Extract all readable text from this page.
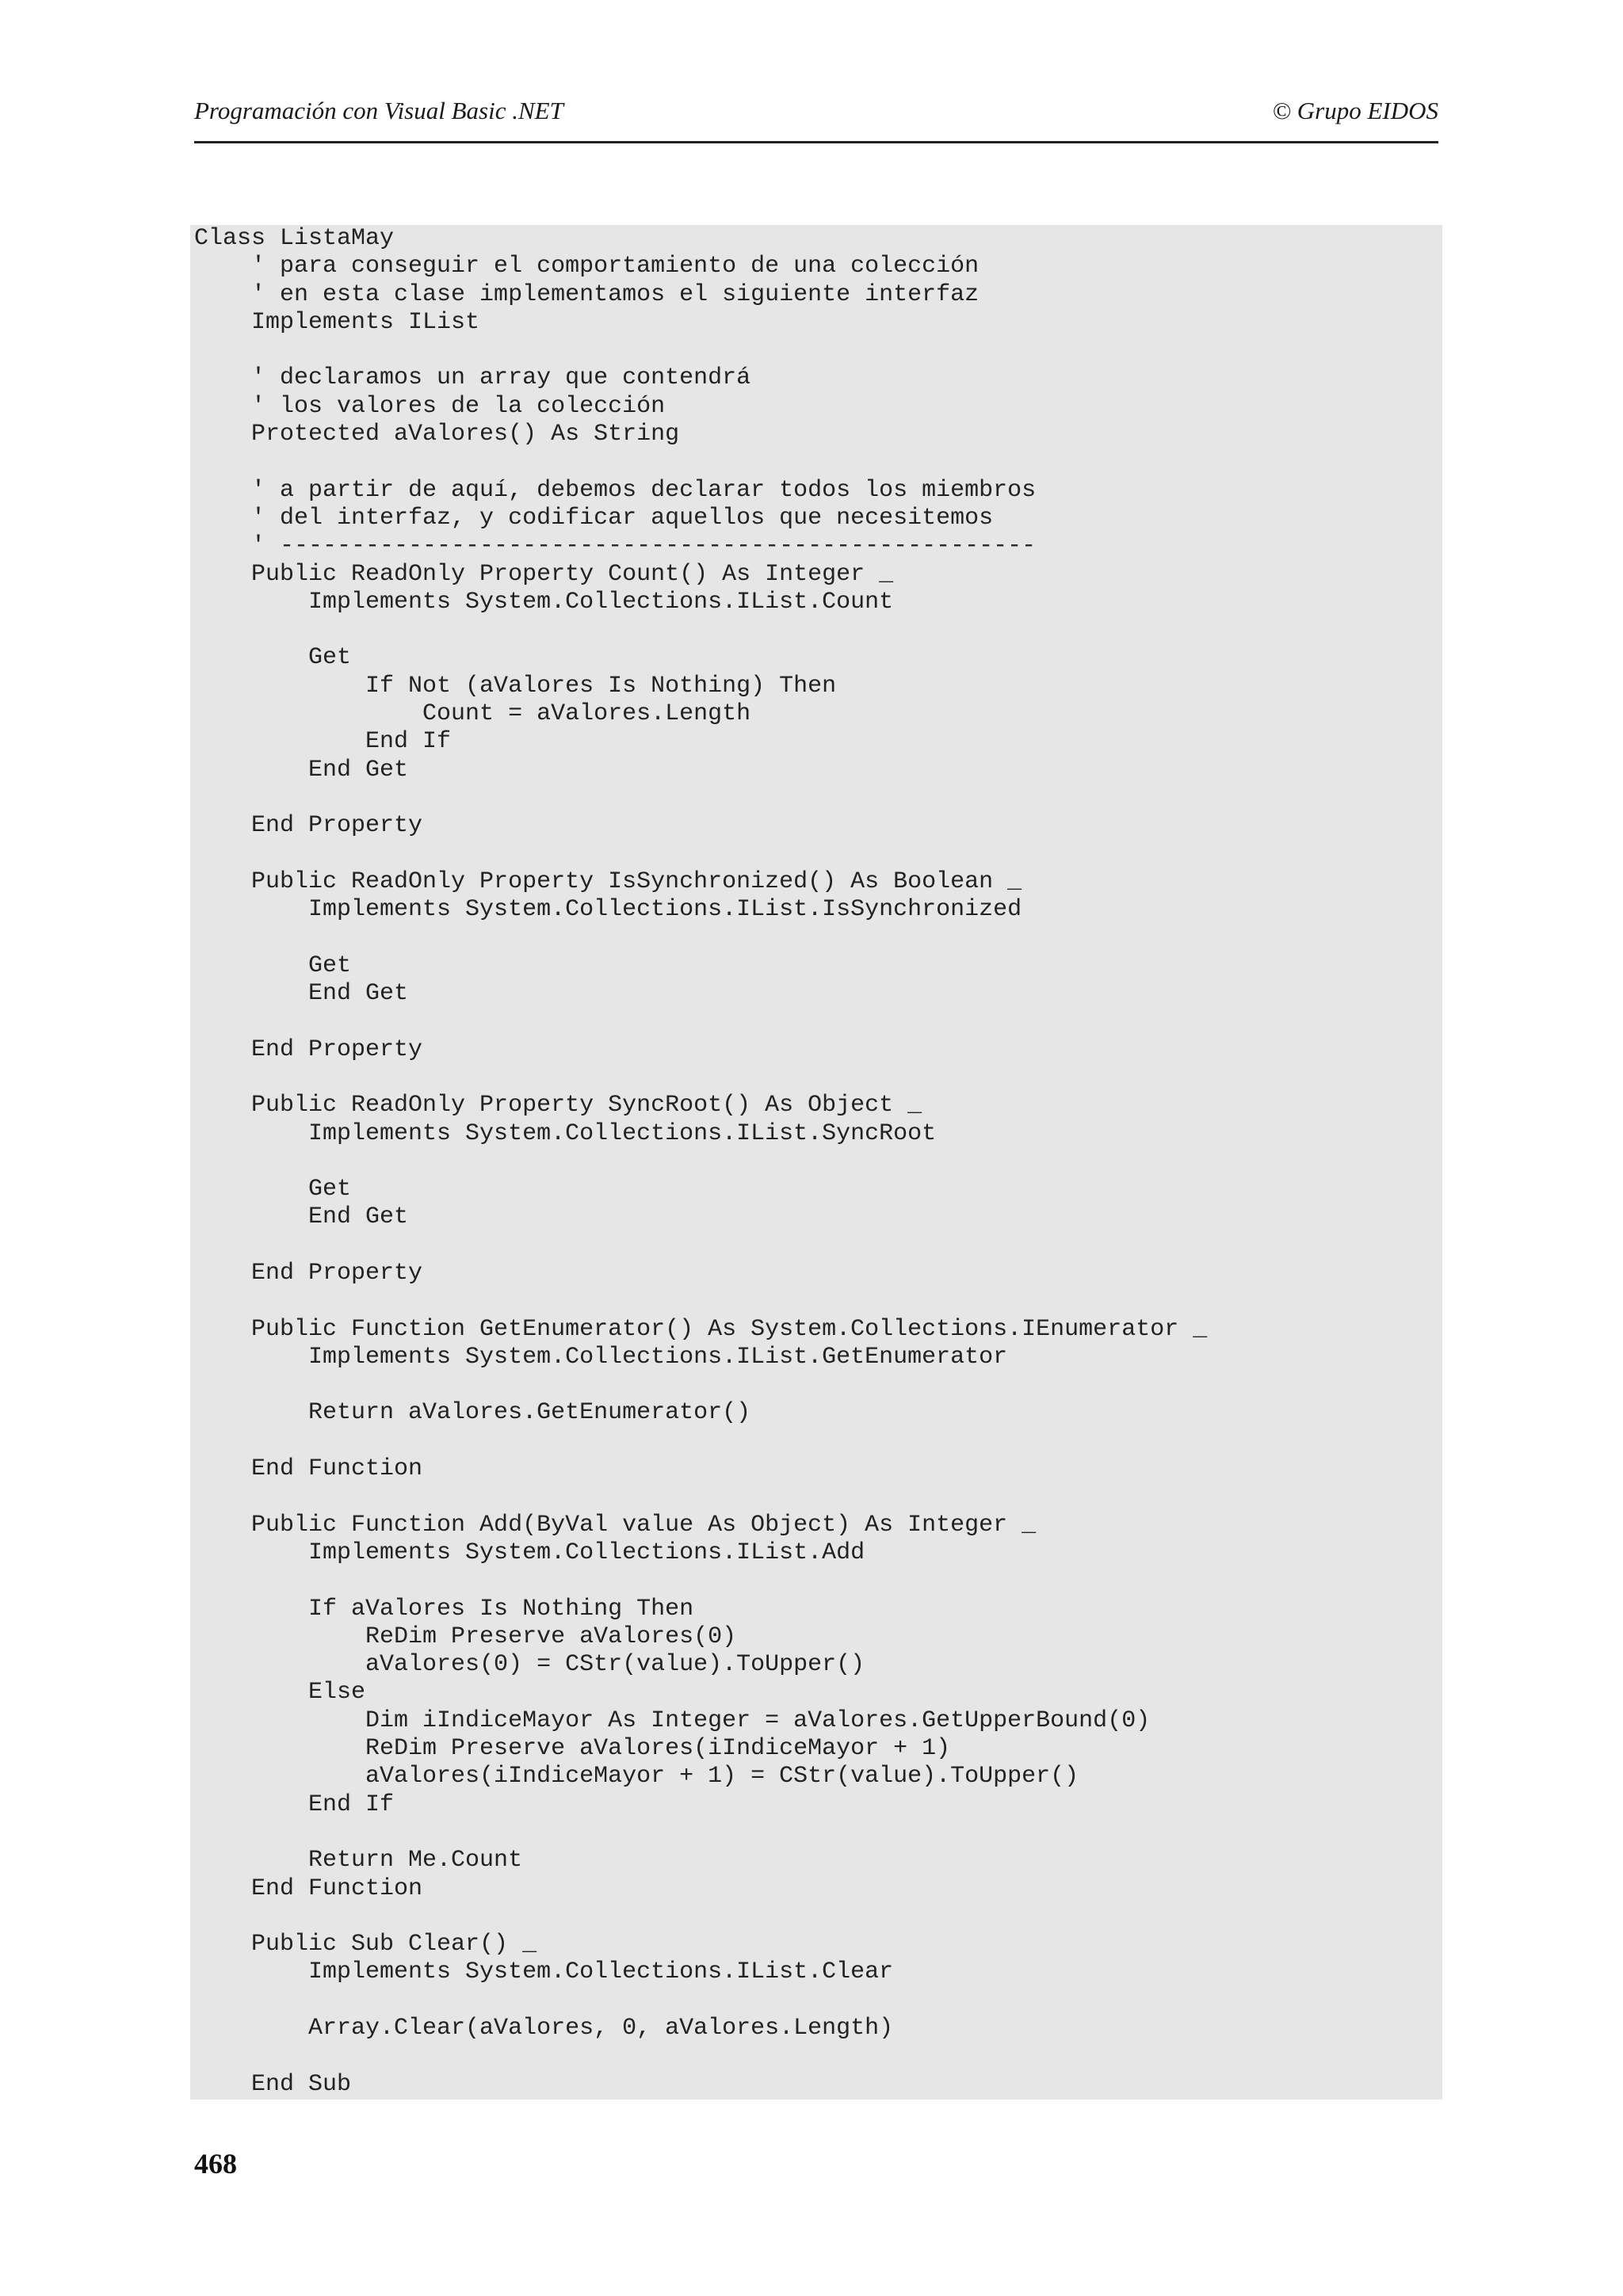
Programación con Visual Basic .NET	© Grupo EIDOS
Class ListaMay
' para conseguir el comportamiento de una colección
' en esta clase implementamos el siguiente interfaz
Implements IList

' declaramos un array que contendrá
' los valores de la colección
Protected aValores() As String

' a partir de aquí, debemos declarar todos los miembros
' del interfaz, y codificar aquellos que necesitemos
' -----------------------------------------------------
Public ReadOnly Property Count() As Integer _
Implements System.Collections.IList.Count

Get
If Not (aValores Is Nothing) Then
Count = aValores.Length
End If
End Get

End Property

Public ReadOnly Property IsSynchronized() As Boolean _
Implements System.Collections.IList.IsSynchronized

Get
End Get

End Property

Public ReadOnly Property SyncRoot() As Object _
Implements System.Collections.IList.SyncRoot

Get
End Get

End Property

Public Function GetEnumerator() As System.Collections.IEnumerator _
Implements System.Collections.IList.GetEnumerator

Return aValores.GetEnumerator()

End Function

Public Function Add(ByVal value As Object) As Integer _
Implements System.Collections.IList.Add

If aValores Is Nothing Then
ReDim Preserve aValores(0)
aValores(0) = CStr(value).ToUpper()
Else
Dim iIndiceMayor As Integer = aValores.GetUpperBound(0)
ReDim Preserve aValores(iIndiceMayor + 1)
aValores(iIndiceMayor + 1) = CStr(value).ToUpper()
End If

Return Me.Count
End Function

Public Sub Clear() _
Implements System.Collections.IList.Clear

Array.Clear(aValores, 0, aValores.Length)

End Sub

468
